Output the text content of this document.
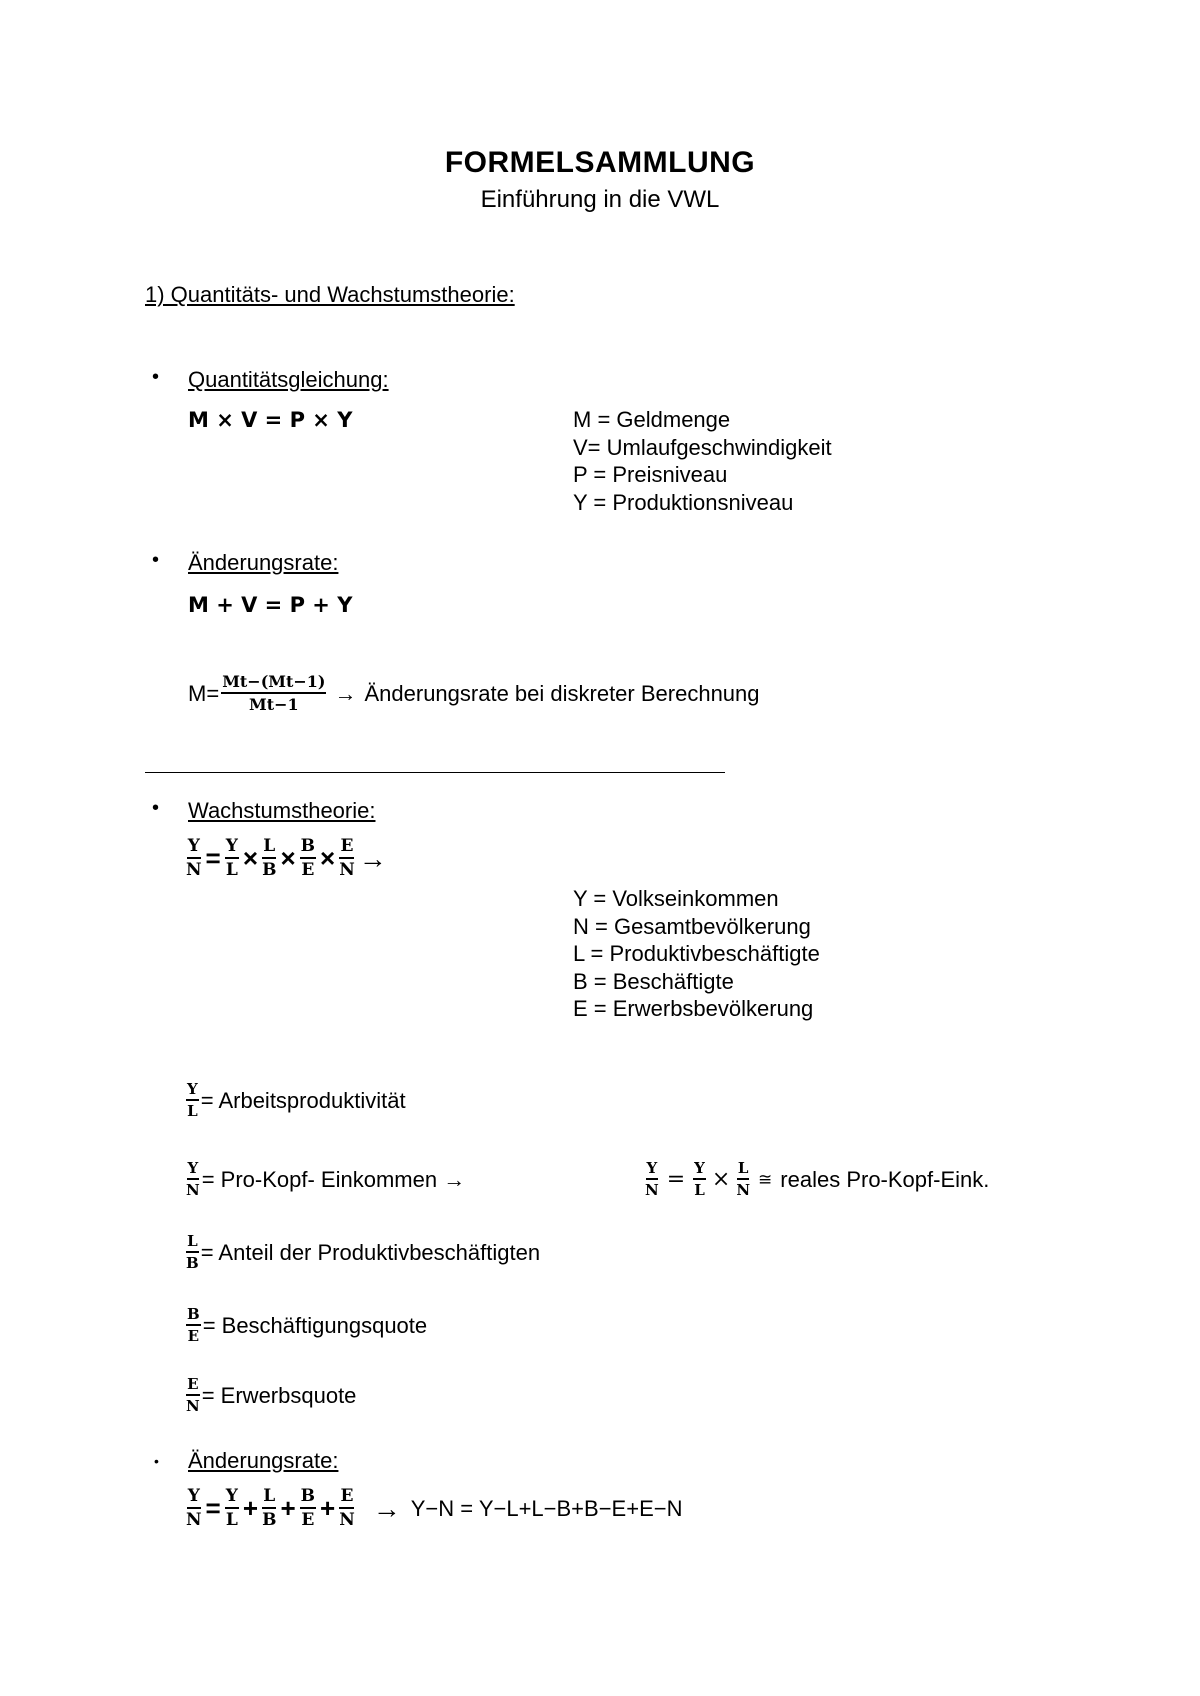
FORMELSAMMLUNG
Einführung in die VWL
1) Quantitäts- und Wachstumstheorie:
• Quantitätsgleichung:
M × V = P × Y	M = Geldmenge
V= Umlaufgeschwindigkeit
P = Preisniveau
Y = Produktionsniveau
• Änderungsrate:
M + V = P + Y
$M= \frac{Mt-(Mt-1)}{Mt-1}$ → Änderungsrate bei diskreter Berechnung
• Wachstumstheorie:
$\frac{Y}{N} = \frac{Y}{L} \times \frac{L}{B} \times \frac{B}{E} \times \frac{E}{N}$ →
Y = Volkseinkommen
N = Gesamtbevölkerung
L = Produktivbeschäftigte
B = Beschäftigte
E = Erwerbsbevölkerung
$\frac{Y}{L}$ = Arbeitsproduktivität
$\frac{Y}{N}$ = Pro-Kopf- Einkommen →	$\frac{Y}{N} = \frac{Y}{L} \times \frac{L}{N}$ ≅ reales Pro-Kopf-Eink.
$\frac{L}{B}$ = Anteil der Produktivbeschäftigten
$\frac{B}{E}$ = Beschäftigungsquote
$\frac{E}{N}$ = Erwerbsquote
• Änderungsrate:
$\frac{Y}{N} = \frac{Y}{L} + \frac{L}{B} + \frac{B}{E} + \frac{E}{N} \to Y-N = Y-L+L-B+B-E+E-N$
